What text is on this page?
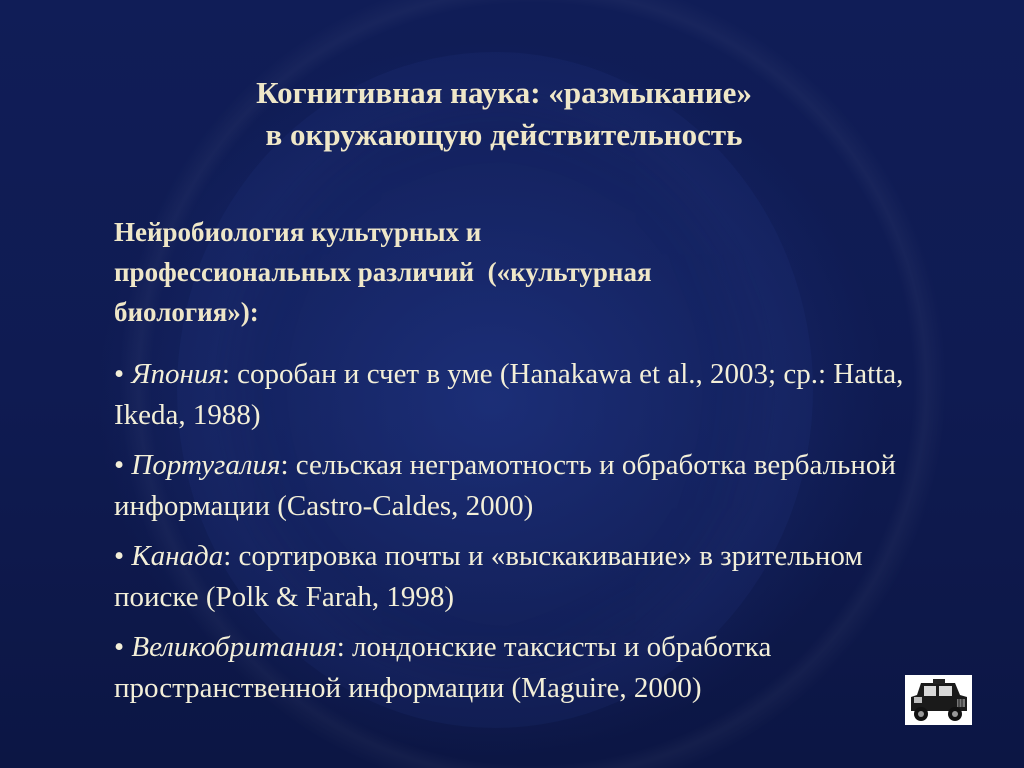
Когнитивная наука: «размыкание»
в окружающую действительность
Нейробиология культурных и
профессиональных различий  («культурная
биология»):
• Япония: соробан и счет в уме (Hanakawa et al., 2003; ср.: Hatta, Ikeda, 1988)
• Португалия: сельская неграмотность и обработка вербальной информации (Castro-Caldes, 2000)
• Канада: сортировка почты и «выскакивание» в зрительном поиске (Polk & Farah, 1998)
• Великобритания: лондонские таксисты и обработка пространственной информации (Maguire, 2000)
